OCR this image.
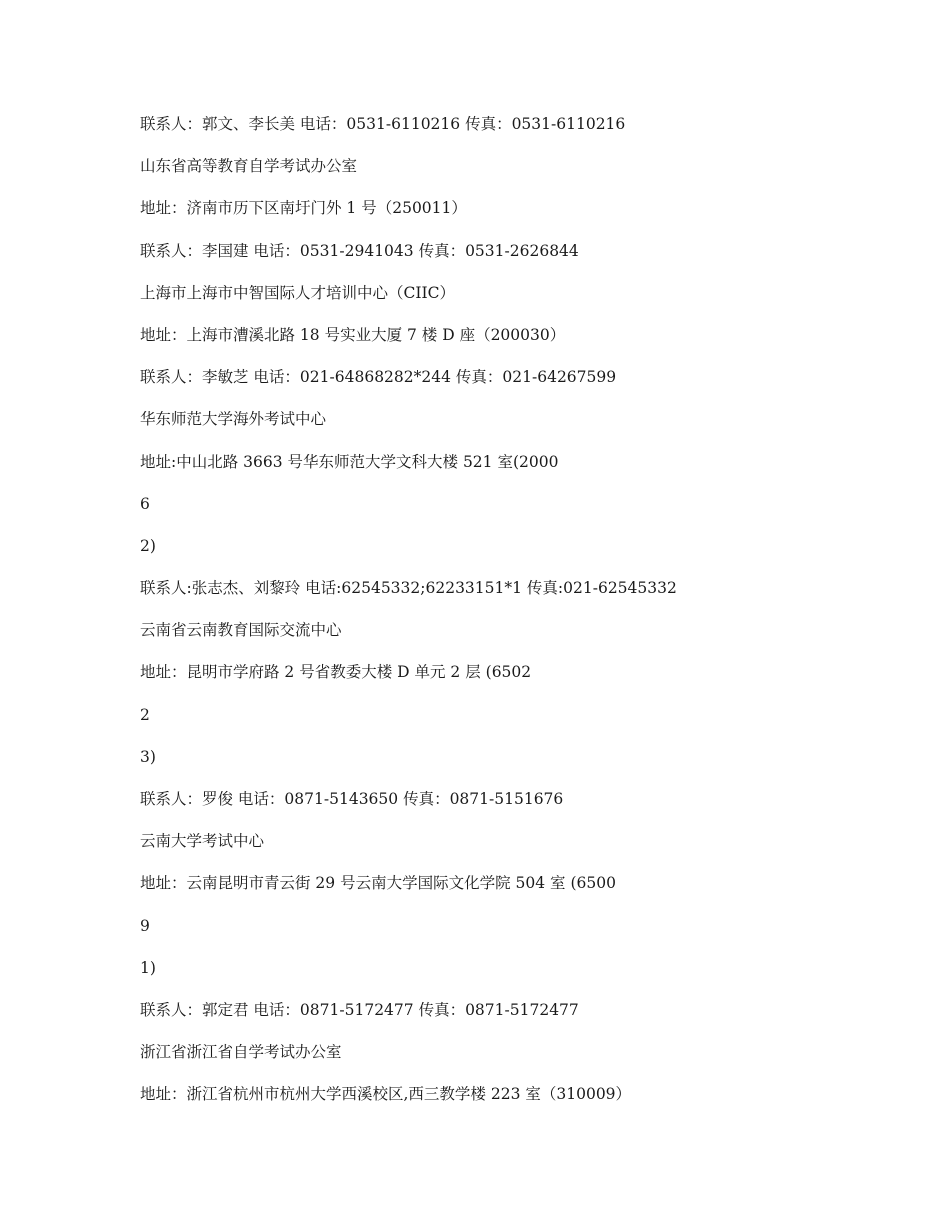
联系人：郭文、李长美 电话：0531-6110216 传真：0531-6110216
山东省高等教育自学考试办公室
地址：济南市历下区南圩门外 1 号（250011）
联系人：李国建 电话：0531-2941043 传真：0531-2626844
上海市上海市中智国际人才培训中心（CIIC）
地址：上海市漕溪北路 18 号实业大厦 7 楼 D 座（200030）
联系人：李敏芝 电话：021-64868282*244 传真：021-64267599
华东师范大学海外考试中心
地址:中山北路 3663 号华东师范大学文科大楼 521 室(2000
6
2)
联系人:张志杰、刘黎玲 电话:62545332;62233151*1 传真:021-62545332
云南省云南教育国际交流中心
地址：昆明市学府路 2 号省教委大楼 D 单元 2 层 (6502
2
3)
联系人：罗俊 电话：0871-5143650 传真：0871-5151676
云南大学考试中心
地址：云南昆明市青云街 29 号云南大学国际文化学院 504 室 (6500
9
1)
联系人：郭定君 电话：0871-5172477 传真：0871-5172477
浙江省浙江省自学考试办公室
地址：浙江省杭州市杭州大学西溪校区,西三教学楼 223 室（310009）
